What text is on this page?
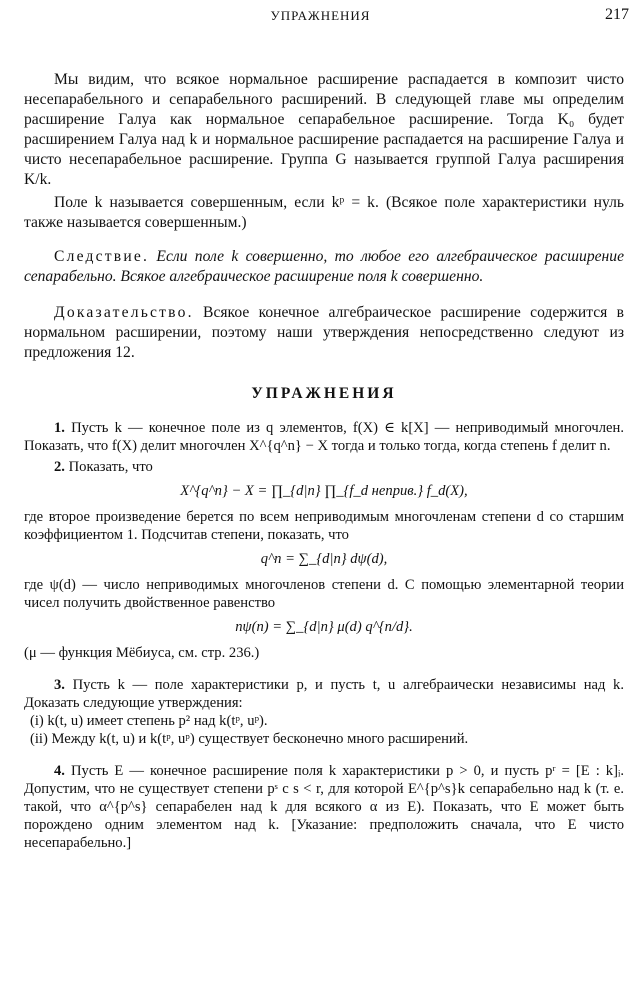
УПРАЖНЕНИЯ	217

Мы видим, что всякое нормальное расширение распадается в композит чисто несепарабельного и сепарабельного расширений. В следующей главе мы определим расширение Галуа как нормальное сепарабельное расширение. Тогда K₀ будет расширением Галуа над k и нормальное расширение распадается на расширение Галуа и чисто несепарабельное расширение. Группа G называется группой Галуа расширения K/k.

Поле k называется совершенным, если kᵖ = k. (Всякое поле характеристики нуль также называется совершенным.)

Следствие. Если поле k совершенно, то любое его алгебраическое расширение сепарабельно. Всякое алгебраическое расширение поля k совершенно.

Доказательство. Всякое конечное алгебраическое расширение содержится в нормальном расширении, поэтому наши утверждения непосредственно следуют из предложения 12.

УПРАЖНЕНИЯ

1. Пусть k — конечное поле из q элементов, f(X) ∈ k[X] — неприводимый многочлен. Показать, что f(X) делит многочлен X^{q^n} − X тогда и только тогда, когда степень f делит n.

2. Показать, что

X^{q^n} − X = ∏_{d|n} ∏_{f_d неприв.} f_d(X),

где второе произведение берется по всем неприводимым многочленам степени d со старшим коэффициентом 1. Подсчитав степени, показать, что

q^n = ∑_{d|n} dψ(d),

где ψ(d) — число неприводимых многочленов степени d. С помощью элементарной теории чисел получить двойственное равенство

nψ(n) = ∑_{d|n} μ(d) q^{n/d}.

(μ — функция Мёбиуса, см. стр. 236.)

3. Пусть k — поле характеристики p, и пусть t, u алгебраически независимы над k. Доказать следующие утверждения:

(i) k(t, u) имеет степень p² над k(tᵖ, uᵖ).

(ii) Между k(t, u) и k(tᵖ, uᵖ) существует бесконечно много расширений.

4. Пусть E — конечное расширение поля k характеристики p > 0, и пусть pʳ = [E : k]ᵢ. Допустим, что не существует степени pˢ с s < r, для которой E^{p^s}k сепарабельно над k (т. е. такой, что α^{p^s} сепарабелен над k для всякого α из E). Показать, что E может быть порождено одним элементом над k. [Указание: предположить сначала, что E чисто несепарабельно.]
